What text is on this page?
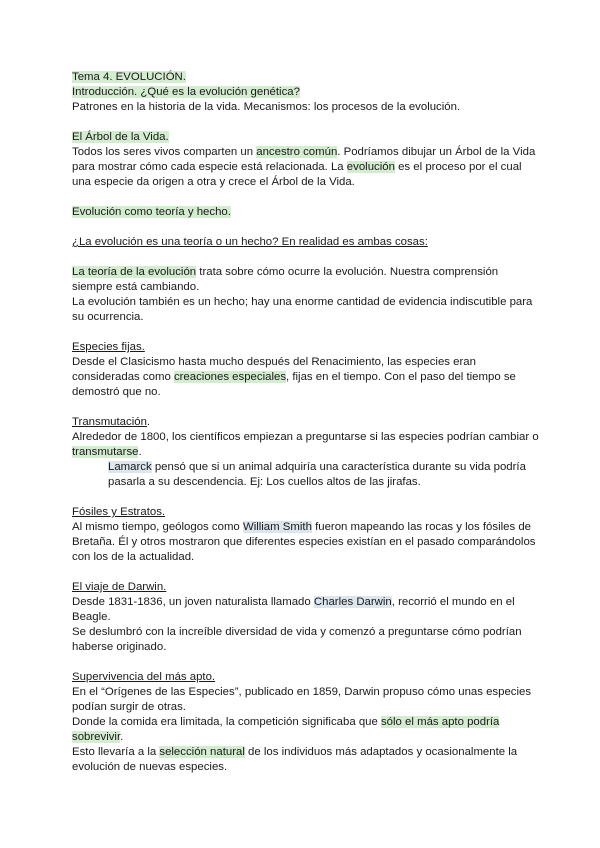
Tema 4. EVOLUCIÓN.
Introducción. ¿Qué es la evolución genética?
Patrones en la historia de la vida. Mecanismos: los procesos de la evolución.
El Árbol de la Vida.
Todos los seres vivos comparten un ancestro común. Podríamos dibujar un Árbol de la Vida
para mostrar cómo cada especie está relacionada. La evolución es el proceso por el cual
una especie da origen a otra y crece el Árbol de la Vida.
Evolución como teoría y hecho.
¿La evolución es una teoría o un hecho? En realidad es ambas cosas:
La teoría de la evolución trata sobre cómo ocurre la evolución. Nuestra comprensión
siempre está cambiando.
La evolución también es un hecho; hay una enorme cantidad de evidencia indiscutible para
su ocurrencia.
Especies fijas.
Desde el Clasicismo hasta mucho después del Renacimiento, las especies eran
consideradas como creaciones especiales, fijas en el tiempo. Con el paso del tiempo se
demostró que no.
Transmutación.
Alrededor de 1800, los científicos empiezan a preguntarse si las especies podrían cambiar o
transmutarse.
Lamarck pensó que si un animal adquiría una característica durante su vida podría
pasarla a su descendencia. Ej: Los cuellos altos de las jirafas.
Fósiles y Estratos.
Al mismo tiempo, geólogos como William Smith fueron mapeando las rocas y los fósiles de
Bretaña. Él y otros mostraron que diferentes especies existían en el pasado comparándolos
con los de la actualidad.
El viaje de Darwin.
Desde 1831-1836, un joven naturalista llamado Charles Darwin, recorrió el mundo en el
Beagle.
Se deslumbró con la increíble diversidad de vida y comenzó a preguntarse cómo podrían
haberse originado.
Supervivencia del más apto.
En el “Orígenes de las Especies”, publicado en 1859, Darwin propuso cómo unas especies
podían surgir de otras.
Donde la comida era limitada, la competición significaba que sólo el más apto podría
sobrevivir.
Esto llevaría a la selección natural de los individuos más adaptados y ocasionalmente la
evolución de nuevas especies.
